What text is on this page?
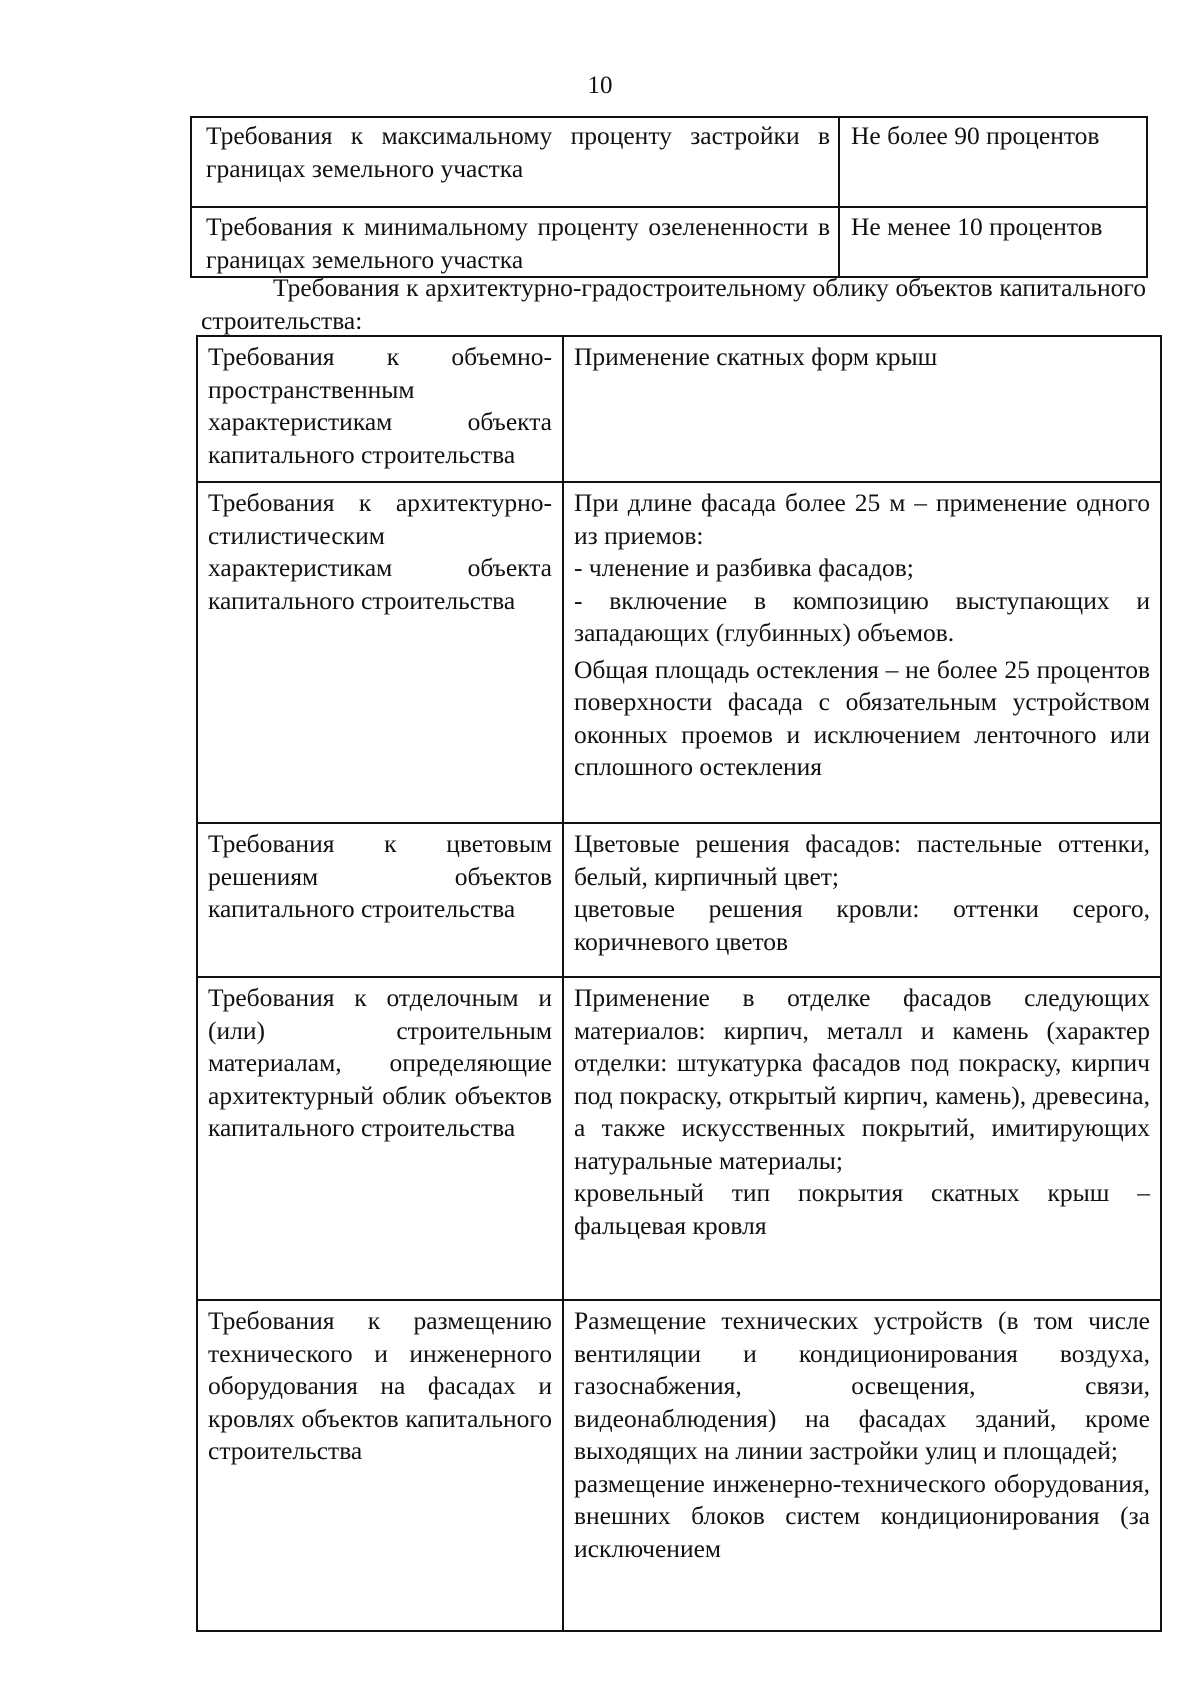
10
Требования к максимальному проценту застройки в границах земельного участка	Не более 90 процентов
Требования к минимальному проценту озелененности в границах земельного участка	Не менее 10 процентов

Требования к архитектурно-градостроительному облику объектов капитального строительства:

Требования к объемно-пространственным характеристикам объекта капитального строительства	Применение скатных форм крыш

Требования к архитектурно-стилистическим характеристикам объекта капитального строительства	При длине фасада более 25 м – применение одного из приемов:
- членение и разбивка фасадов;
- включение в композицию выступающих и западающих (глубинных) объемов.
Общая площадь остекления – не более 25 процентов поверхности фасада с обязательным устройством оконных проемов и исключением ленточного или сплошного остекления

Требования к цветовым решениям объектов капитального строительства	Цветовые решения фасадов: пастельные оттенки, белый, кирпичный цвет;
цветовые решения кровли: оттенки серого, коричневого цветов

Требования к отделочным и (или) строительным материалам, определяющие архитектурный облик объектов капитального строительства	Применение в отделке фасадов следующих материалов: кирпич, металл и камень (характер отделки: штукатурка фасадов под покраску, кирпич под покраску, открытый кирпич, камень), древесина, а также искусственных покрытий, имитирующих натуральные материалы;
кровельный тип покрытия скатных крыш – фальцевая кровля

Требования к размещению технического и инженерного оборудования на фасадах и кровлях объектов капитального строительства	Размещение технических устройств (в том числе вентиляции и кондиционирования воздуха, газоснабжения, освещения, связи, видеонаблюдения) на фасадах зданий, кроме выходящих на линии застройки улиц и площадей;
размещение инженерно-технического оборудования, внешних блоков систем кондиционирования (за исключением
